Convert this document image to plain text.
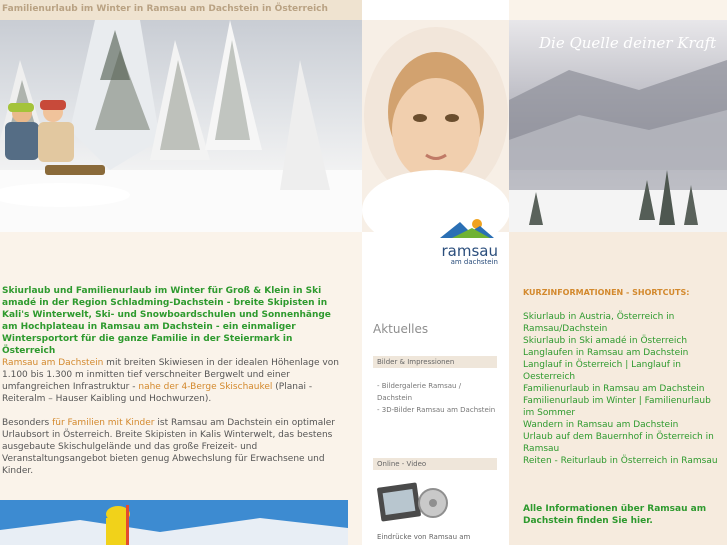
Familienurlaub im Winter in Ramsau am Dachstein in Österreich
ramsau
am dachstein
Die Quelle deiner Kraft

Skiurlaub und Familienurlaub im Winter für Groß & Klein in Ski amadé in der Region Schladming-Dachstein - breite Skipisten in Kali's Winterwelt, Ski- und Snowboardschulen und Sonnenhänge am Hochplateau in Ramsau am Dachstein - ein einmaliger Wintersportort für die ganze Familie in der Steiermark in Österreich

Ramsau am Dachstein mit breiten Skiwiesen in der idealen Höhenlage von 1.100 bis 1.300 m inmitten tief verschneiter Bergwelt und einer umfangreichen Infrastruktur - nahe der 4-Berge Skischaukel (Planai - Reiteralm – Hauser Kaibling und Hochwurzen).

Besonders für Familien mit Kinder ist Ramsau am Dachstein ein optimaler Urlaubsort in Österreich. Breite Skipisten in Kalis Winterwelt, das bestens ausgebaute Skischulgelände und das große Freizeit- und Veranstaltungsangebot bieten genug Abwechslung für Erwachsene und Kinder.

Aktuelles
Bilder & Impressionen
- Bildergalerie Ramsau / Dachstein
- 3D-Bilder Ramsau am Dachstein
Online - Video
Eindrücke von Ramsau am
KURZINFORMATIONEN - SHORTCUTS:
Skiurlaub in Austria, Österreich in Ramsau/Dachstein
Skiurlaub in Ski amadé in Österreich
Langlaufen in Ramsau am Dachstein
Langlauf in Österreich | Langlauf in Oesterreich
Familienurlaub in Ramsau am Dachstein
Familienurlaub im Winter | Familienurlaub im Sommer
Wandern in Ramsau am Dachstein
Urlaub auf dem Bauernhof in Österreich in Ramsau
Reiten - Reiturlaub in Österreich in Ramsau
Alle Informationen über Ramsau am Dachstein finden Sie hier.
